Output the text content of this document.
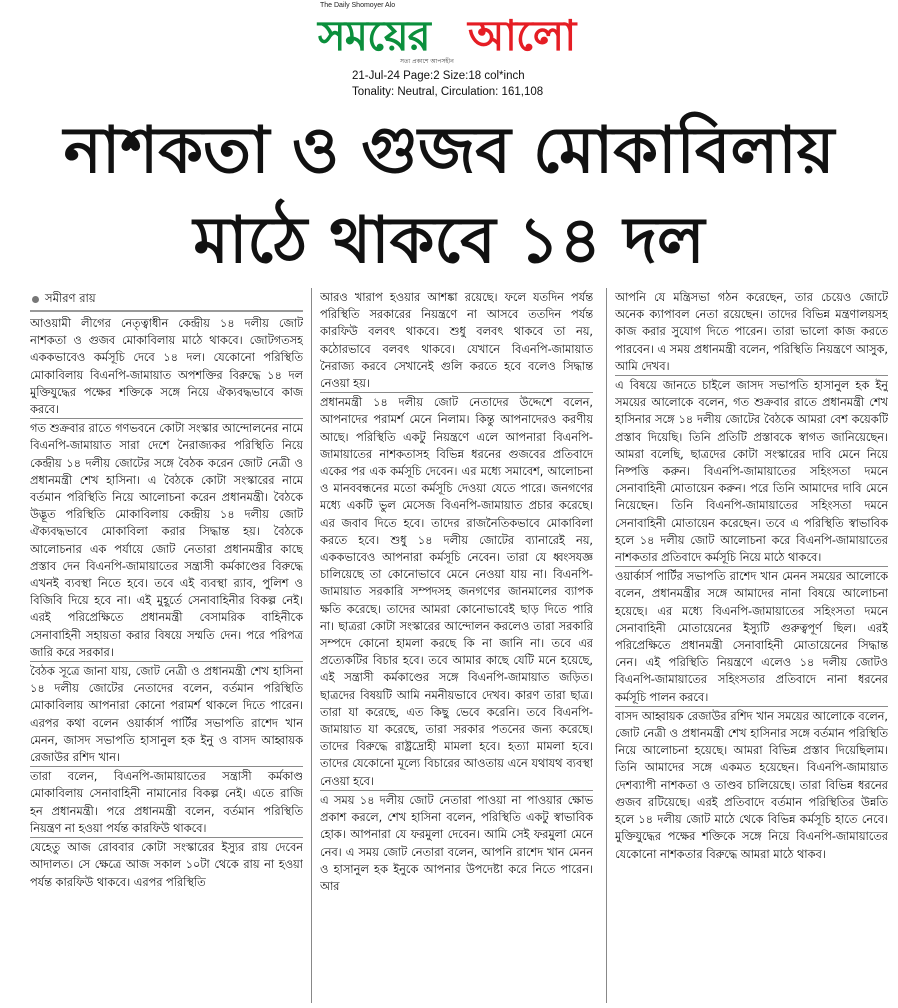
The Daily Shomoyer Alo
সময়ের আলো
সত্য প্রকাশে আপসহীন
21-Jul-24 Page:2 Size:18 col*inch
Tonality: Neutral, Circulation: 161,108
নাশকতা ও গুজব মোকাবিলায়
মাঠে থাকবে ১৪ দল
সমীরণ রায়

আওয়ামী লীগের নেতৃত্বাধীন কেন্দ্রীয় ১৪ দলীয় জোট নাশকতা ও গুজব মোকাবিলায় মাঠে থাকবে। জোটগতসহ এককভাবেও কর্মসূচি দেবে ১৪ দল। যেকোনো পরিস্থিতি মোকাবিলায় বিএনপি-জামায়াত অপশক্তির বিরুদ্ধে ১৪ দল মুক্তিযুদ্ধের পক্ষের শক্তিকে সঙ্গে নিয়ে ঐক্যবদ্ধভাবে কাজ করবে।

গত শুক্রবার রাতে গণভবনে কোটা সংস্কার আন্দোলনের নামে বিএনপি-জামায়াত সারা দেশে নৈরাজ্যকর পরিস্থিতি নিয়ে কেন্দ্রীয় ১৪ দলীয় জোটের সঙ্গে বৈঠক করেন জোট নেত্রী ও প্রধানমন্ত্রী শেখ হাসিনা। এ বৈঠকে কোটা সংস্কারের নামে বর্তমান পরিস্থিতি নিয়ে আলোচনা করেন প্রধানমন্ত্রী। বৈঠকে উদ্ভূত পরিস্থিতি মোকাবিলায় কেন্দ্রীয় ১৪ দলীয় জোট ঐক্যবদ্ধভাবে মোকাবিলা করার সিদ্ধান্ত হয়। বৈঠকে আলোচনার এক পর্যায়ে জোট নেতারা প্রধানমন্ত্রীর কাছে প্রস্তাব দেন বিএনপি-জামায়াতের সন্ত্রাসী কর্মকাণ্ডের বিরুদ্ধে এখনই ব্যবস্থা নিতে হবে। তবে এই ব্যবস্থা র‍্যাব, পুলিশ ও বিজিবি দিয়ে হবে না। এই মুহূর্তে সেনাবাহিনীর বিকল্প নেই। এরই পরিপ্রেক্ষিতে প্রধানমন্ত্রী বেসামরিক বাহিনীকে সেনাবাহিনী সহায়তা করার বিষয়ে সম্মতি দেন। পরে পরিপত্র জারি করে সরকার।

বৈঠক সূত্রে জানা যায়, জোট নেত্রী ও প্রধানমন্ত্রী শেখ হাসিনা ১৪ দলীয় জোটের নেতাদের বলেন, বর্তমান পরিস্থিতি মোকাবিলায় আপনারা কোনো পরামর্শ থাকলে দিতে পারেন। এরপর কথা বলেন ওয়ার্কার্স পার্টির সভাপতি রাশেদ খান মেনন, জাসদ সভাপতি হাসানুল হক ইনু ও বাসদ আহ্বায়ক রেজাউর রশিদ খান।

তারা বলেন, বিএনপি-জামায়াতের সন্ত্রাসী কর্মকাণ্ড মোকাবিলায় সেনাবাহিনী নামানোর বিকল্প নেই। এতে রাজি হন প্রধানমন্ত্রী। পরে প্রধানমন্ত্রী বলেন, বর্তমান পরিস্থিতি নিয়ন্ত্রণ না হওয়া পর্যন্ত কারফিউ থাকবে।

যেহেতু আজ রোববার কোটা সংস্কারের ইস্যুর রায় দেবেন আদালত। সে ক্ষেত্রে আজ সকাল ১০টা থেকে রায় না হওয়া পর্যন্ত কারফিউ থাকবে। এরপর পরিস্থিতি

আরও খারাপ হওয়ার আশঙ্কা রয়েছে। ফলে যতদিন পর্যন্ত পরিস্থিতি সরকারের নিয়ন্ত্রণে না আসবে ততদিন পর্যন্ত কারফিউ বলবৎ থাকবে। শুধু বলবৎ থাকবে তা নয়, কঠোরভাবে বলবৎ থাকবে। যেখানে বিএনপি-জামায়াত নৈরাজ্য করবে সেখানেই গুলি করতে হবে বলেও সিদ্ধান্ত নেওয়া হয়।

প্রধানমন্ত্রী ১৪ দলীয় জোট নেতাদের উদ্দেশে বলেন, আপনাদের পরামর্শ মেনে নিলাম। কিন্তু আপনাদেরও করণীয় আছে। পরিস্থিতি একটু নিয়ন্ত্রণে এলে আপনারা বিএনপি-জামায়াতের নাশকতাসহ বিভিন্ন ধরনের গুজবের প্রতিবাদে একের পর এক কর্মসূচি দেবেন। এর মধ্যে সমাবেশ, আলোচনা ও মানববন্ধনের মতো কর্মসূচি দেওয়া যেতে পারে। জনগণের মধ্যে একটি ভুল মেসেজ বিএনপি-জামায়াত প্রচার করেছে। এর জবাব দিতে হবে। তাদের রাজনৈতিকভাবে মোকাবিলা করতে হবে। শুধু ১৪ দলীয় জোটের ব্যানারেই নয়, এককভাবেও আপনারা কর্মসূচি নেবেন। তারা যে ধ্বংসযজ্ঞ চালিয়েছে তা কোনোভাবে মেনে নেওয়া যায় না। বিএনপি-জামায়াত সরকারি সম্পদসহ জনগণের জানমালের ব্যাপক ক্ষতি করেছে। তাদের আমরা কোনোভাবেই ছাড় দিতে পারি না। ছাত্ররা কোটা সংস্কারের আন্দোলন করলেও তারা সরকারি সম্পদে কোনো হামলা করছে কি না জানি না। তবে এর প্রত্যেকটির বিচার হবে। তবে আমার কাছে যেটি মনে হয়েছে, এই সন্ত্রাসী কর্মকাণ্ডের সঙ্গে বিএনপি-জামায়াত জড়িত। ছাত্রদের বিষয়টি আমি নমনীয়ভাবে দেখব। কারণ তারা ছাত্র। তারা যা করেছে, এত কিছু ভেবে করেনি। তবে বিএনপি-জামায়াত যা করেছে, তারা সরকার পতনের জন্য করেছে। তাদের বিরুদ্ধে রাষ্ট্রদ্রোহী মামলা হবে। হত্যা মামলা হবে। তাদের যেকোনো মূল্যে বিচারের আওতায় এনে যথাযথ ব্যবস্থা নেওয়া হবে।

এ সময় ১৪ দলীয় জোট নেতারা পাওয়া না পাওয়ার ক্ষোভ প্রকাশ করলে, শেখ হাসিনা বলেন, পরিস্থিতি একটু স্বাভাবিক হোক। আপনারা যে ফরমুলা দেবেন। আমি সেই ফরমুলা মেনে নেব। এ সময় জোট নেতারা বলেন, আপনি রাশেদ খান মেনন ও হাসানুল হক ইনুকে আপনার উপদেষ্টা করে নিতে পারেন। আর

আপনি যে মন্ত্রিসভা গঠন করেছেন, তার চেয়েও জোটে অনেক ক্যাপাবল নেতা রয়েছেন। তাদের বিভিন্ন মন্ত্রণালয়সহ কাজ করার সুযোগ দিতে পারেন। তারা ভালো কাজ করতে পারবেন। এ সময় প্রধানমন্ত্রী বলেন, পরিস্থিতি নিয়ন্ত্রণে আসুক, আমি দেখব।

এ বিষয়ে জানতে চাইলে জাসদ সভাপতি হাসানুল হক ইনু সময়ের আলোকে বলেন, গত শুক্রবার রাতে প্রধানমন্ত্রী শেখ হাসিনার সঙ্গে ১৪ দলীয় জোটের বৈঠকে আমরা বেশ কয়েকটি প্রস্তাব দিয়েছি। তিনি প্রতিটি প্রস্তাবকে স্বাগত জানিয়েছেন। আমরা বলেছি, ছাত্রদের কোটা সংস্কারের দাবি মেনে নিয়ে নিষ্পত্তি করুন। বিএনপি-জামায়াতের সহিংসতা দমনে সেনাবাহিনী মোতায়েন করুন। পরে তিনি আমাদের দাবি মেনে নিয়েছেন। তিনি বিএনপি-জামায়াতের সহিংসতা দমনে সেনাবাহিনী মোতায়েন করেছেন। তবে এ পরিস্থিতি স্বাভাবিক হলে ১৪ দলীয় জোট আলোচনা করে বিএনপি-জামায়াতের নাশকতার প্রতিবাদে কর্মসূচি নিয়ে মাঠে থাকবে।

ওয়ার্কার্স পার্টির সভাপতি রাশেদ খান মেনন সময়ের আলোকে বলেন, প্রধানমন্ত্রীর সঙ্গে আমাদের নানা বিষয়ে আলোচনা হয়েছে। এর মধ্যে বিএনপি-জামায়াতের সহিংসতা দমনে সেনাবাহিনী মোতায়েনের ইস্যুটি গুরুত্বপূর্ণ ছিল। এরই পরিপ্রেক্ষিতে প্রধানমন্ত্রী সেনাবাহিনী মোতায়েনের সিদ্ধান্ত নেন। এই পরিস্থিতি নিয়ন্ত্রণে এলেও ১৪ দলীয় জোটও বিএনপি-জামায়াতের সহিংসতার প্রতিবাদে নানা ধরনের কর্মসূচি পালন করবে।

বাসদ আহ্বায়ক রেজাউর রশিদ খান সময়ের আলোকে বলেন, জোট নেত্রী ও প্রধানমন্ত্রী শেখ হাসিনার সঙ্গে বর্তমান পরিস্থিতি নিয়ে আলোচনা হয়েছে। আমরা বিভিন্ন প্রস্তাব দিয়েছিলাম। তিনি আমাদের সঙ্গে একমত হয়েছেন। বিএনপি-জামায়াত দেশব্যাপী নাশকতা ও তাণ্ডব চালিয়েছে। তারা বিভিন্ন ধরনের গুজব রটিয়েছে। এরই প্রতিবাদে বর্তমান পরিস্থিতির উন্নতি হলে ১৪ দলীয় জোট মাঠে থেকে বিভিন্ন কর্মসূচি হাতে নেবে। মুক্তিযুদ্ধের পক্ষের শক্তিকে সঙ্গে নিয়ে বিএনপি-জামায়াতের যেকোনো নাশকতার বিরুদ্ধে আমরা মাঠে থাকব।
